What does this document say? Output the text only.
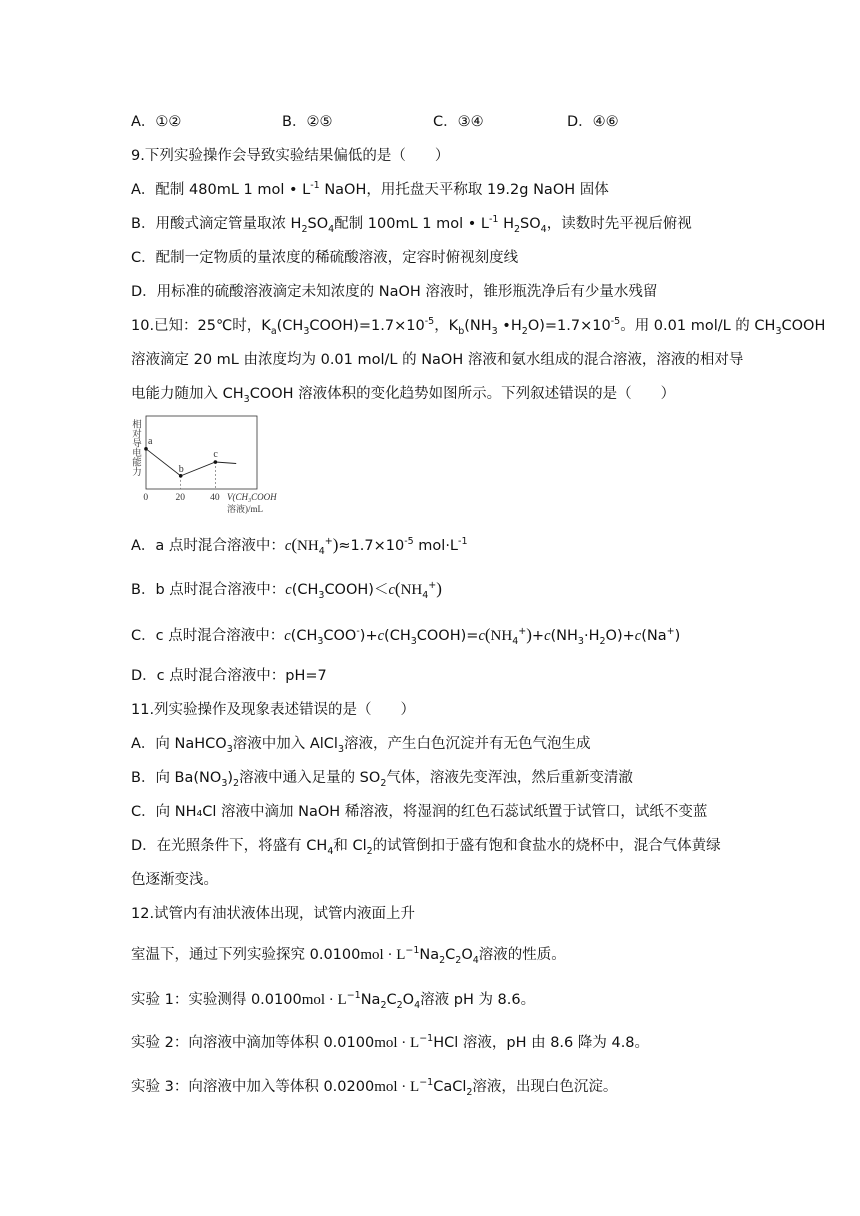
A．①②	B．②⑤	C．③④	D．④⑥
9.下列实验操作会导致实验结果偏低的是（　　）
A．配制 480mL 1 mol • $L^{-1}$ NaOH，用托盘天平称取 19.2g NaOH 固体
B．用酸式滴定管量取浓 $H_2SO_4$配制 100mL 1 mol • $L^{-1}$ $H_2SO_4$，读数时先平视后俯视
C．配制一定物质的量浓度的稀硫酸溶液，定容时俯视刻度线
D．用标准的硫酸溶液滴定未知浓度的 NaOH 溶液时，锥形瓶洗净后有少量水残留
10.已知：25℃时，$K_a(CH_3COOH)=1.7\times 10^{-5}$，$K_b(NH_3$ $•H_2O)=1.7\times 10^{-5}$。用 0.01 mol/L 的 $CH_3COOH$
溶液滴定 20 mL 由浓度均为 0.01 mol/L 的 NaOH 溶液和氨水组成的混合溶液，溶液的相对导
电能力随加入 $CH_3COOH$ 溶液体积的变化趋势如图所示。下列叙述错误的是（　　）
相对导电能力 a
b
c
0	20	40 V(CH₃COOH
溶液)/mL
A．a 点时混合溶液中：$c(NH_4^+)\approx 1.7\times 10^{-5}$ $mol\cdot L^{-1}$
B．b 点时混合溶液中：$c(CH_3COOH)<c(NH_4^+)$
C．c 点时混合溶液中：$c(CH_3COO^-)+c(CH_3COOH)=c(NH_4^+)+c(NH_3\cdot H_2O)+c(Na^+)$
D．c 点时混合溶液中：pH=7
11.列实验操作及现象表述错误的是（　　）
A．向 NaHCO$_3$溶液中加入 AlCl$_3$溶液，产生白色沉淀并有无色气泡生成
B．向 $Ba(NO_3)_2$溶液中通入足量的 $SO_2$气体，溶液先变浑浊，然后重新变清澈
C．向 NH₄Cl 溶液中滴加 NaOH 稀溶液，将湿润的红色石蕊试纸置于试管口，试纸不变蓝
D．在光照条件下，将盛有 $CH_4$和 $Cl_2$的试管倒扣于盛有饱和食盐水的烧杯中，混合气体黄绿
色逐渐变浅。
12.试管内有油状液体出现，试管内液面上升
室温下，通过下列实验探究 $0.0100mol \cdot L^{-1}Na_2C_2O_4$溶液的性质。
实验 1：实验测得 $0.0100mol \cdot L^{-1}Na_2C_2O_4$溶液 pH 为 8.6。
实验 2：向溶液中滴加等体积 $0.0100mol \cdot L^{-1}HCl$ 溶液，pH 由 8.6 降为 4.8。
实验 3：向溶液中加入等体积 $0.0200mol \cdot L^{-1}CaCl_2$溶液，出现白色沉淀。
